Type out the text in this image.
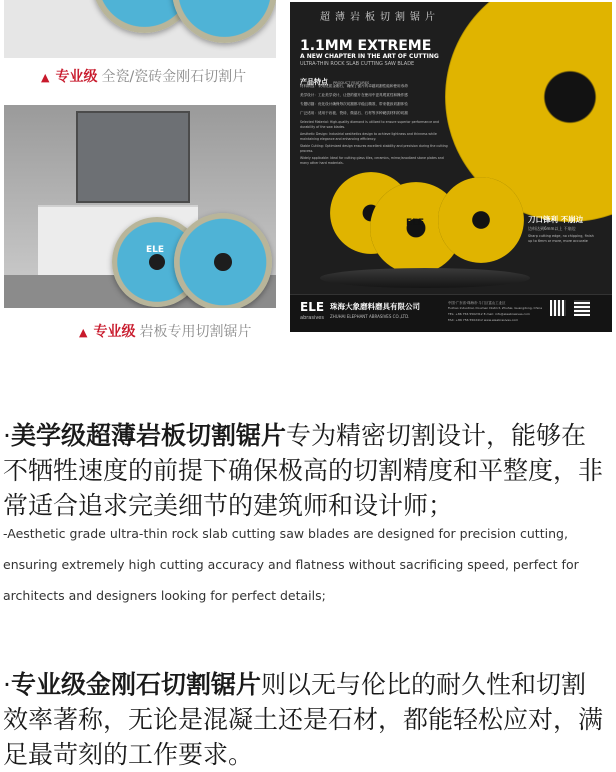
▲ 专业级 全瓷/瓷砖金刚石切割片
ELE
▲ 专业级 岩板专用切割锯片
超薄岩板切割锯片
1.1MM EXTREME
A NEW CHAPTER IN THE ART OF CUTTING
ULTRA-THIN ROCK SLAB CUTTING SAW BLADE
产品特点 PRODUCT FEATURES
材料精选：采用优质金刚石，确保了锯片的卓越切割性能和使用寿命
美学设计：工业美学设计，让您的锯片在使用中更具观赏性和操作感
专题切割：优化设计确保每次切割都平稳且精准，带来极致切割体验
广泛适用：适用于岩板、瓷砖、微晶石、石材等多种硬质材料的切割
Selected Material: High-quality diamond is utilized to ensure superior performance and durability of the saw blades.
Aesthetic Design: Industrial aesthetics design to achieve lightness and thinness while maintaining elegance and enhancing efficiency.
Stable Cutting: Optimized design ensures excellent stability and precision during the cutting process.
Widely applicable: Ideal for cutting glass tiles, ceramics, mirror/anodized stone plates and many other hard materials.
ELE	刀口锋利 不崩边
边料达到6mm以上 不崩边
Sharp cutting edge, no chipping, finish up to 6mm or more, more accurate
ELE
abrasives
珠海大象磨料磨具有限公司
ZHUHAI ELEPHANT ABRASIVES CO.,LTD.
中国·广东省·珠海市·斗门区富山工业区
Fuzhao Industrial, Doumen District, Zhuhai, Guangdong, China
TEL: +86 756 5502312 E-mail: info@eleabrasives.com
FAX: +86 756 5502412 www.eleabrasives.com
·美学级超薄岩板切割锯片专为精密切割设计，能够在不牺牲速度的前提下确保极高的切割精度和平整度，非常适合追求完美细节的建筑师和设计师；
-Aesthetic grade ultra-thin rock slab cutting saw blades are designed for precision cutting, ensuring extremely high cutting accuracy and flatness without sacrificing speed, perfect for architects and designers looking for perfect details;
·专业级金刚石切割锯片则以无与伦比的耐久性和切割效率著称，无论是混凝土还是石材，都能轻松应对，满足最苛刻的工作要求。
